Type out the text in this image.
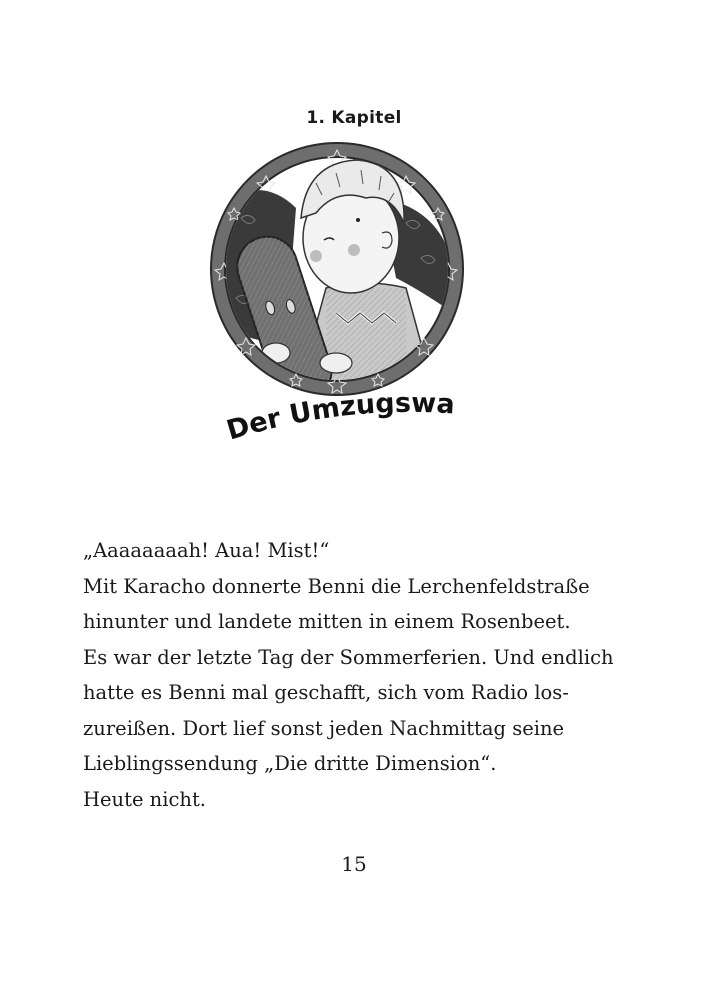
1. Kapitel
Der Umzugswa

„Aaaaaaaah! Aua! Mist!“

Mit Karacho donnerte Benni die Lerchenfeldstraße

hinunter und landete mitten in einem Rosenbeet.

Es war der letzte Tag der Sommerferien. Und endlich

hatte es Benni mal geschafft, sich vom Radio los-

zureißen. Dort lief sonst jeden Nachmittag seine

Lieblingssendung „Die dritte Dimension“.

Heute nicht.

15
